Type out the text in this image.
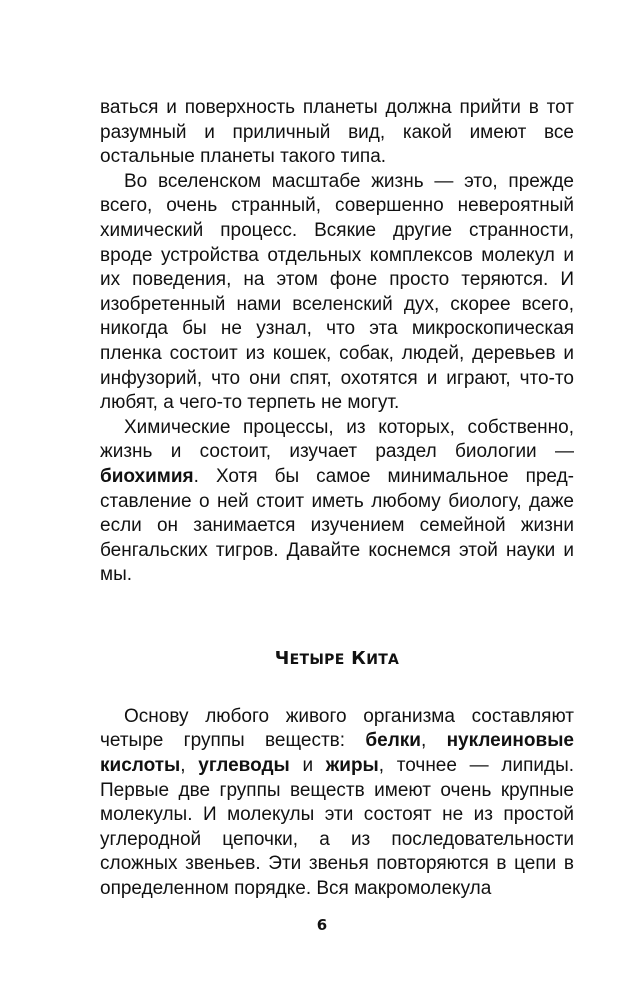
ваться и поверхность планеты должна прийти в тот разумный и приличный вид, какой имеют все остальные планеты такого типа.

Во вселенском масштабе жизнь — это, прежде всего, очень странный, совершенно невероятный химический процесс. Всякие другие странности, вроде устройства отдельных комплексов молекул и их поведения, на этом фоне просто теряются. И изобретенный нами вселенский дух, скорее всего, никогда бы не узнал, что эта микроскопическая пленка состоит из кошек, собак, людей, деревьев и инфузорий, что они спят, охотятся и играют, что-то любят, а чего-то терпеть не могут.

Химические процессы, из которых, собственно, жизнь и состоит, изучает раздел биологии — биохимия. Хотя бы самое минимальное представление о ней стоит иметь любому биологу, даже если он занимается изучением семейной жизни бенгальских тигров. Давайте коснемся этой науки и мы.

ЧЕТЫРЕ КИТА

Основу любого живого организма составляют четыре группы веществ: белки, нуклеиновые кислоты, углеводы и жиры, точнее — липиды. Первые две группы веществ имеют очень крупные молекулы. И молекулы эти состоят не из простой углеродной цепочки, а из последовательности сложных звеньев. Эти звенья повторяются в цепи в определенном порядке. Вся макромолекула

6
